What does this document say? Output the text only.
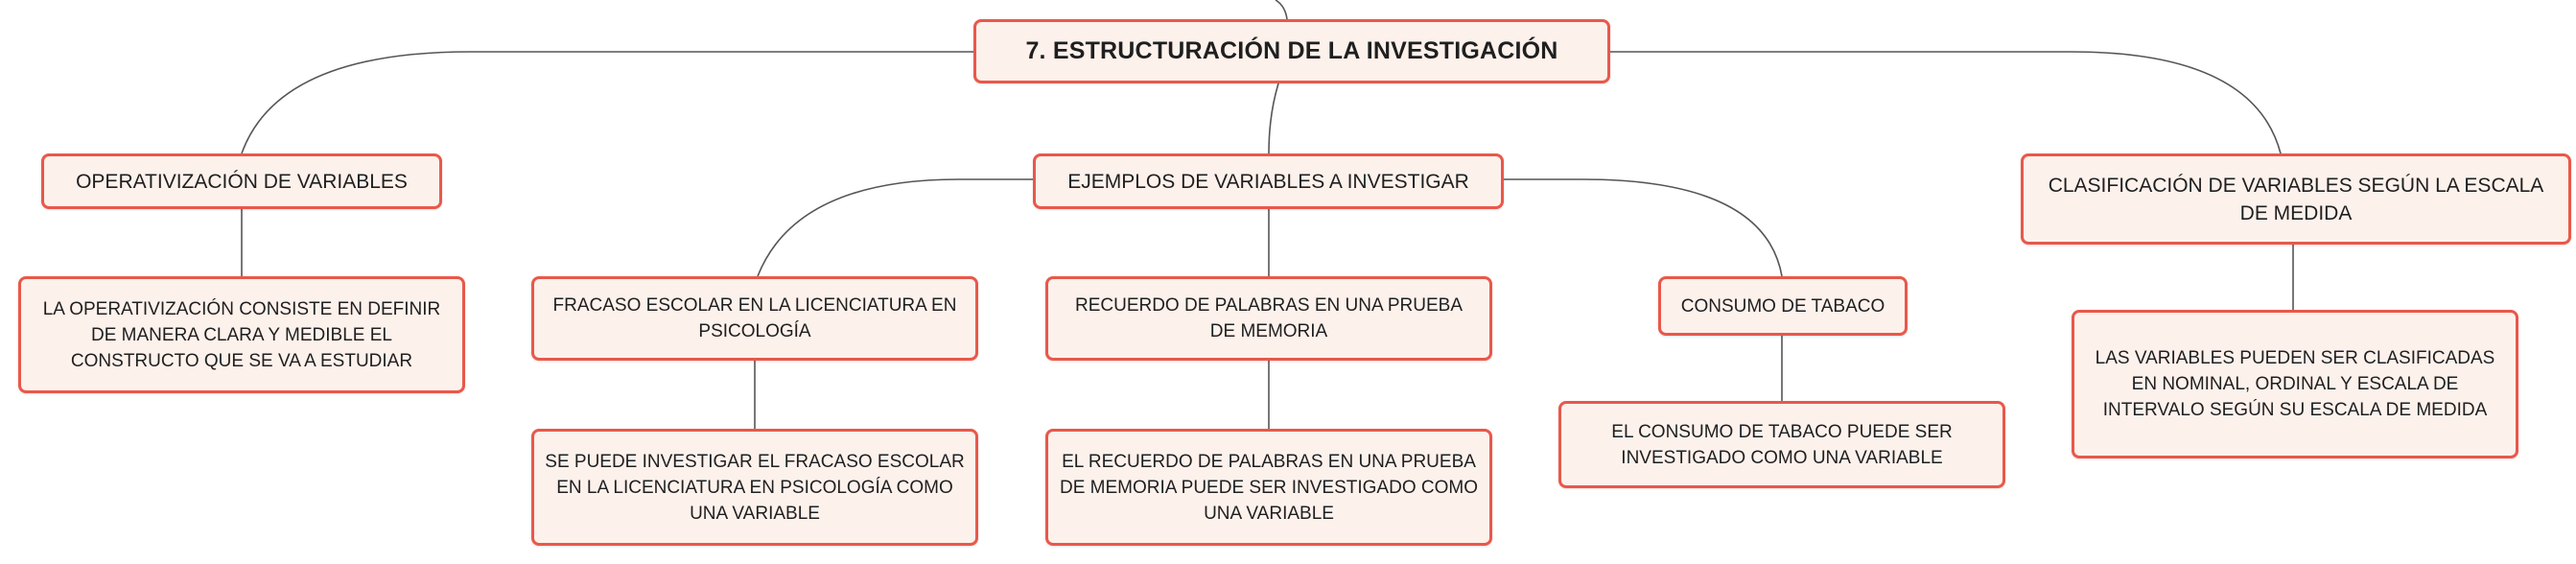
7. ESTRUCTURACIÓN DE LA INVESTIGACIÓN
OPERATIVIZACIÓN DE VARIABLES	EJEMPLOS DE VARIABLES A INVESTIGAR	CLASIFICACIÓN DE VARIABLES SEGÚN LA ESCALA DE MEDIDA
LA OPERATIVIZACIÓN CONSISTE EN DEFINIR DE MANERA CLARA Y MEDIBLE EL CONSTRUCTO QUE SE VA A ESTUDIAR
FRACASO ESCOLAR EN LA LICENCIATURA EN PSICOLOGÍA
RECUERDO DE PALABRAS EN UNA PRUEBA DE MEMORIA
CONSUMO DE TABACO
SE PUEDE INVESTIGAR EL FRACASO ESCOLAR EN LA LICENCIATURA EN PSICOLOGÍA COMO UNA VARIABLE
EL RECUERDO DE PALABRAS EN UNA PRUEBA DE MEMORIA PUEDE SER INVESTIGADO COMO UNA VARIABLE
EL CONSUMO DE TABACO PUEDE SER INVESTIGADO COMO UNA VARIABLE
LAS VARIABLES PUEDEN SER CLASIFICADAS EN NOMINAL, ORDINAL Y ESCALA DE INTERVALO SEGÚN SU ESCALA DE MEDIDA
